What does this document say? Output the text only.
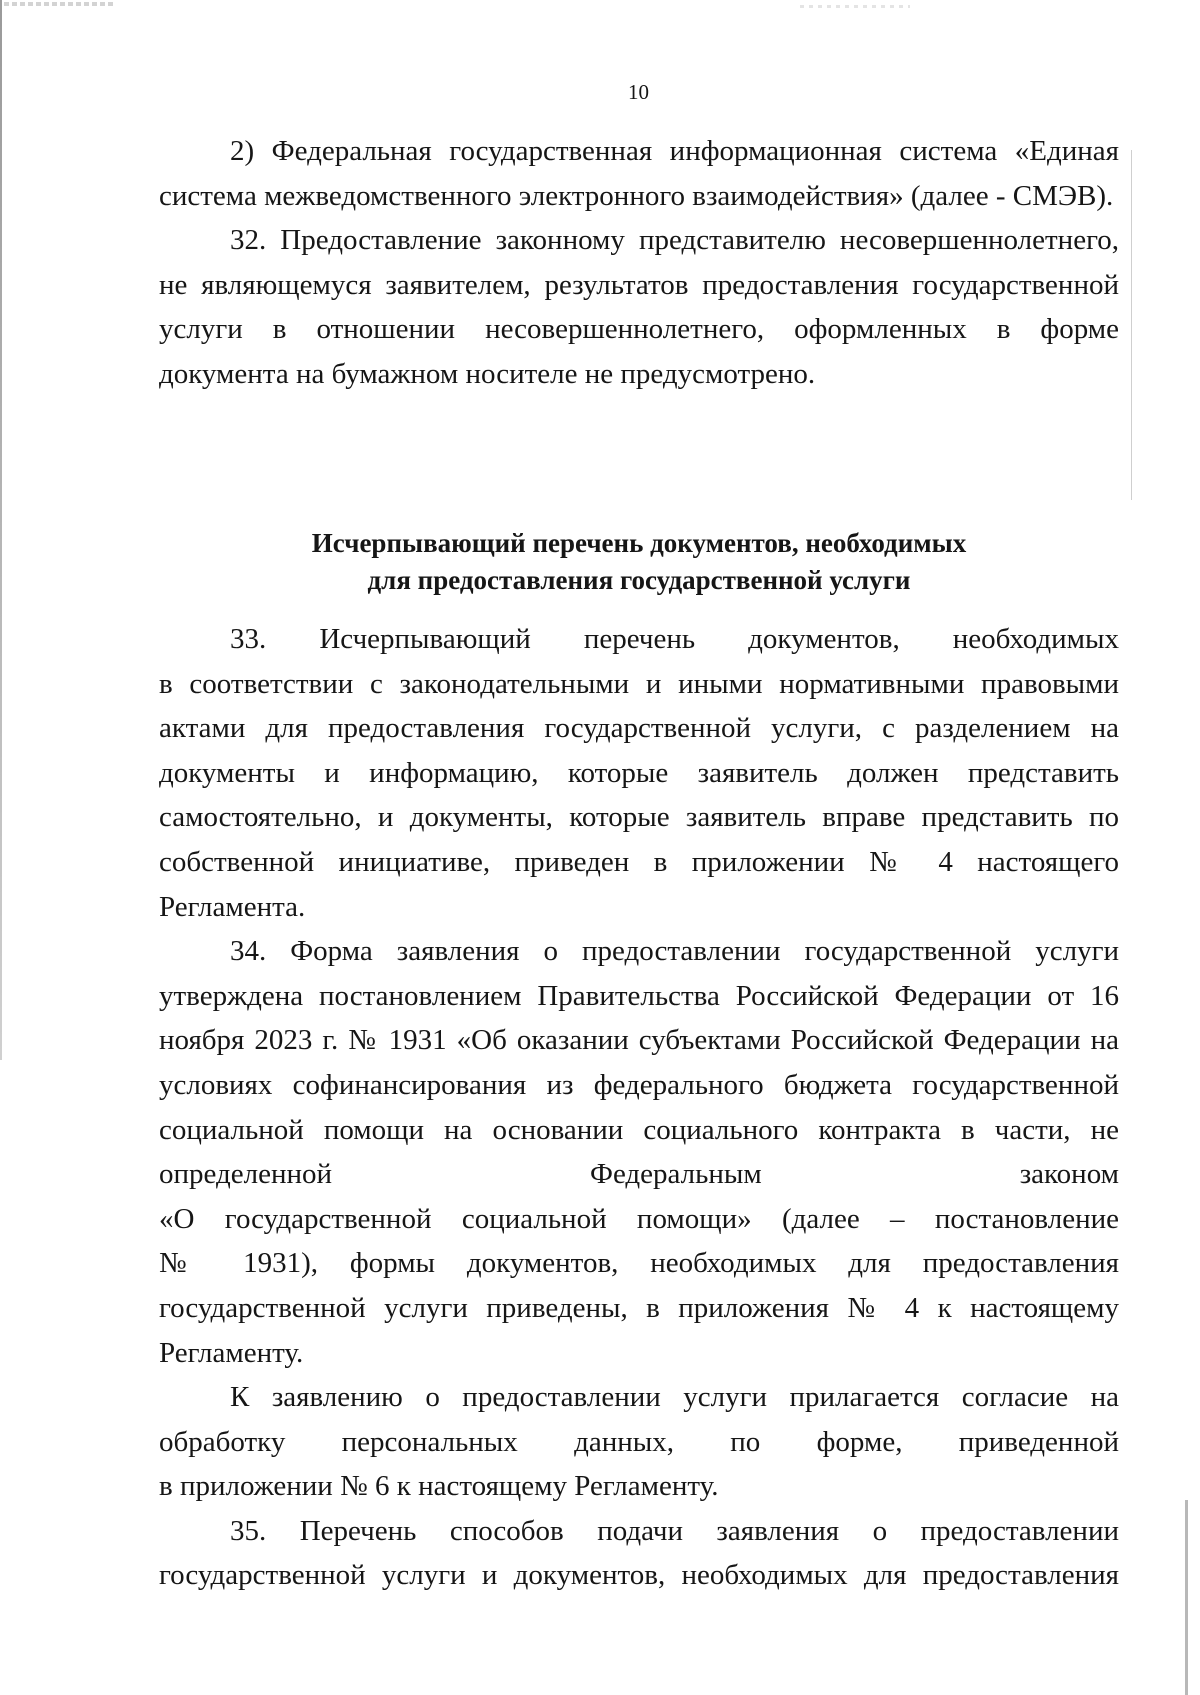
10

2) Федеральная государственная информационная система «Единая система межведомственного электронного взаимодействия» (далее - СМЭВ).

32. Предоставление законному представителю несовершеннолетнего, не являющемуся заявителем, результатов предоставления государственной услуги в отношении несовершеннолетнего, оформленных в форме документа на бумажном носителе не предусмотрено.

Исчерпывающий перечень документов, необходимых
для предоставления государственной услуги

33. Исчерпывающий перечень документов, необходимых

в соответствии с законодательными и иными нормативными правовыми актами для предоставления государственной услуги, с разделением на документы и информацию, которые заявитель должен представить самостоятельно, и документы, которые заявитель вправе представить по собственной инициативе, приведен в приложении № 4 настоящего Регламента.

34. Форма заявления о предоставлении государственной услуги утверждена постановлением Правительства Российской Федерации от 16 ноября 2023 г. № 1931 «Об оказании субъектами Российской Федерации на условиях софинансирования из федерального бюджета государственной социальной помощи на основании социального контракта в части, не определенной Федеральным законом

«О государственной социальной помощи» (далее – постановление

№ 1931), формы документов, необходимых для предоставления государственной услуги приведены, в приложения № 4 к настоящему Регламенту.

К заявлению о предоставлении услуги прилагается согласие на обработку персональных данных, по форме, приведенной

в приложении № 6 к настоящему Регламенту.

35. Перечень способов подачи заявления о предоставлении государственной услуги и документов, необходимых для предоставления
